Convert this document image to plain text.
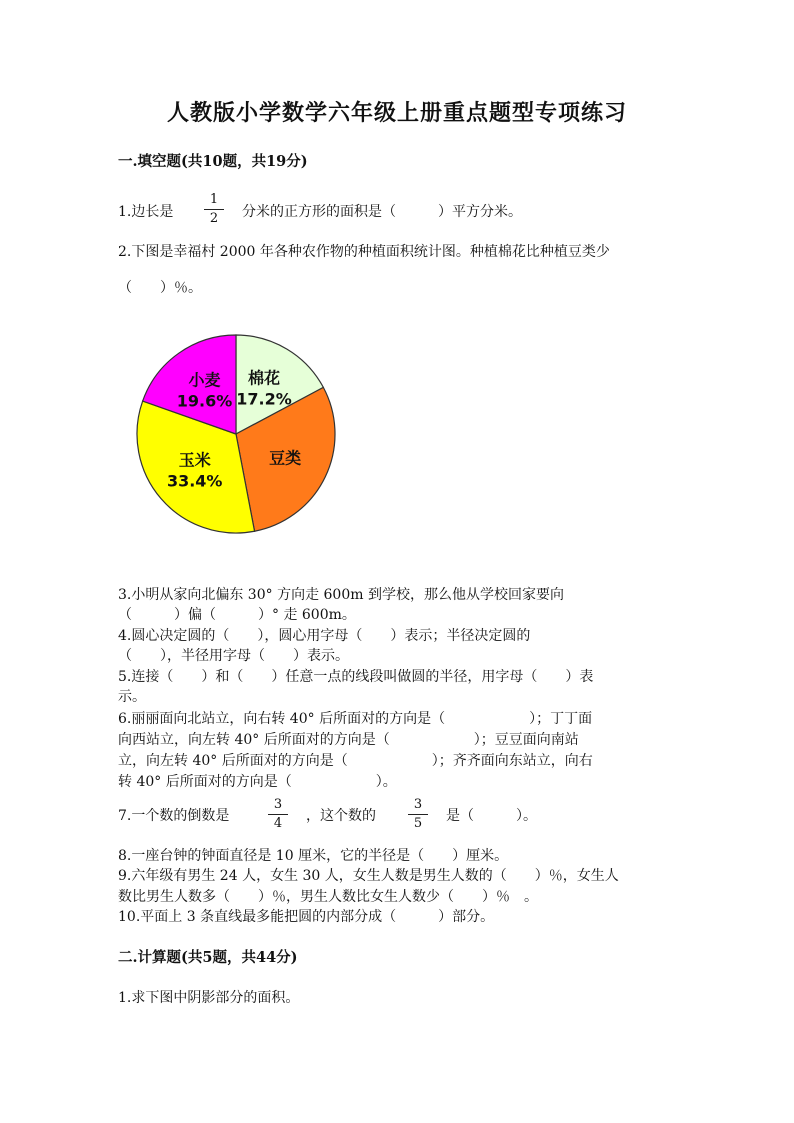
人教版小学数学六年级上册重点题型专项练习
一.填空题(共10题，共19分)
1.边长是
1
2	分米的正方形的面积是（　　　）平方分米。
2.下图是幸福村 2000 年各种农作物的种植面积统计图。种植棉花比种植豆类少
（　　）％。
棉花
17.2%
豆类
玉米
33.4%
小麦
19.6%
3.小明从家向北偏东 30° 方向走 600m 到学校，那么他从学校回家要向
（　　　）偏（　　　）° 走 600m。
4.圆心决定圆的（　　），圆心用字母（　　）表示；半径决定圆的
（　　），半径用字母（　　）表示。
5.连接（　　）和（　　）任意一点的线段叫做圆的半径，用字母（　　）表
示。
6.丽丽面向北站立，向右转 40° 后所面对的方向是（　　　　　　）；丁丁面
向西站立，向左转 40° 后所面对的方向是（　　　　　　）；豆豆面向南站
立，向左转 40° 后所面对的方向是（　　　　　　）；齐齐面向东站立，向右
转 40° 后所面对的方向是（　　　　　　）。
7.一个数的倒数是
3
4	，这个数的
3
5	是（　　　）。
8.一座台钟的钟面直径是 10 厘米，它的半径是（　　）厘米。
9.六年级有男生 24 人，女生 30 人，女生人数是男生人数的（　　）％，女生人
数比男生人数多（　　）％，男生人数比女生人数少（　　）％　。
10.平面上 3 条直线最多能把圆的内部分成（　　　）部分。
二.计算题(共5题，共44分)
1.求下图中阴影部分的面积。
